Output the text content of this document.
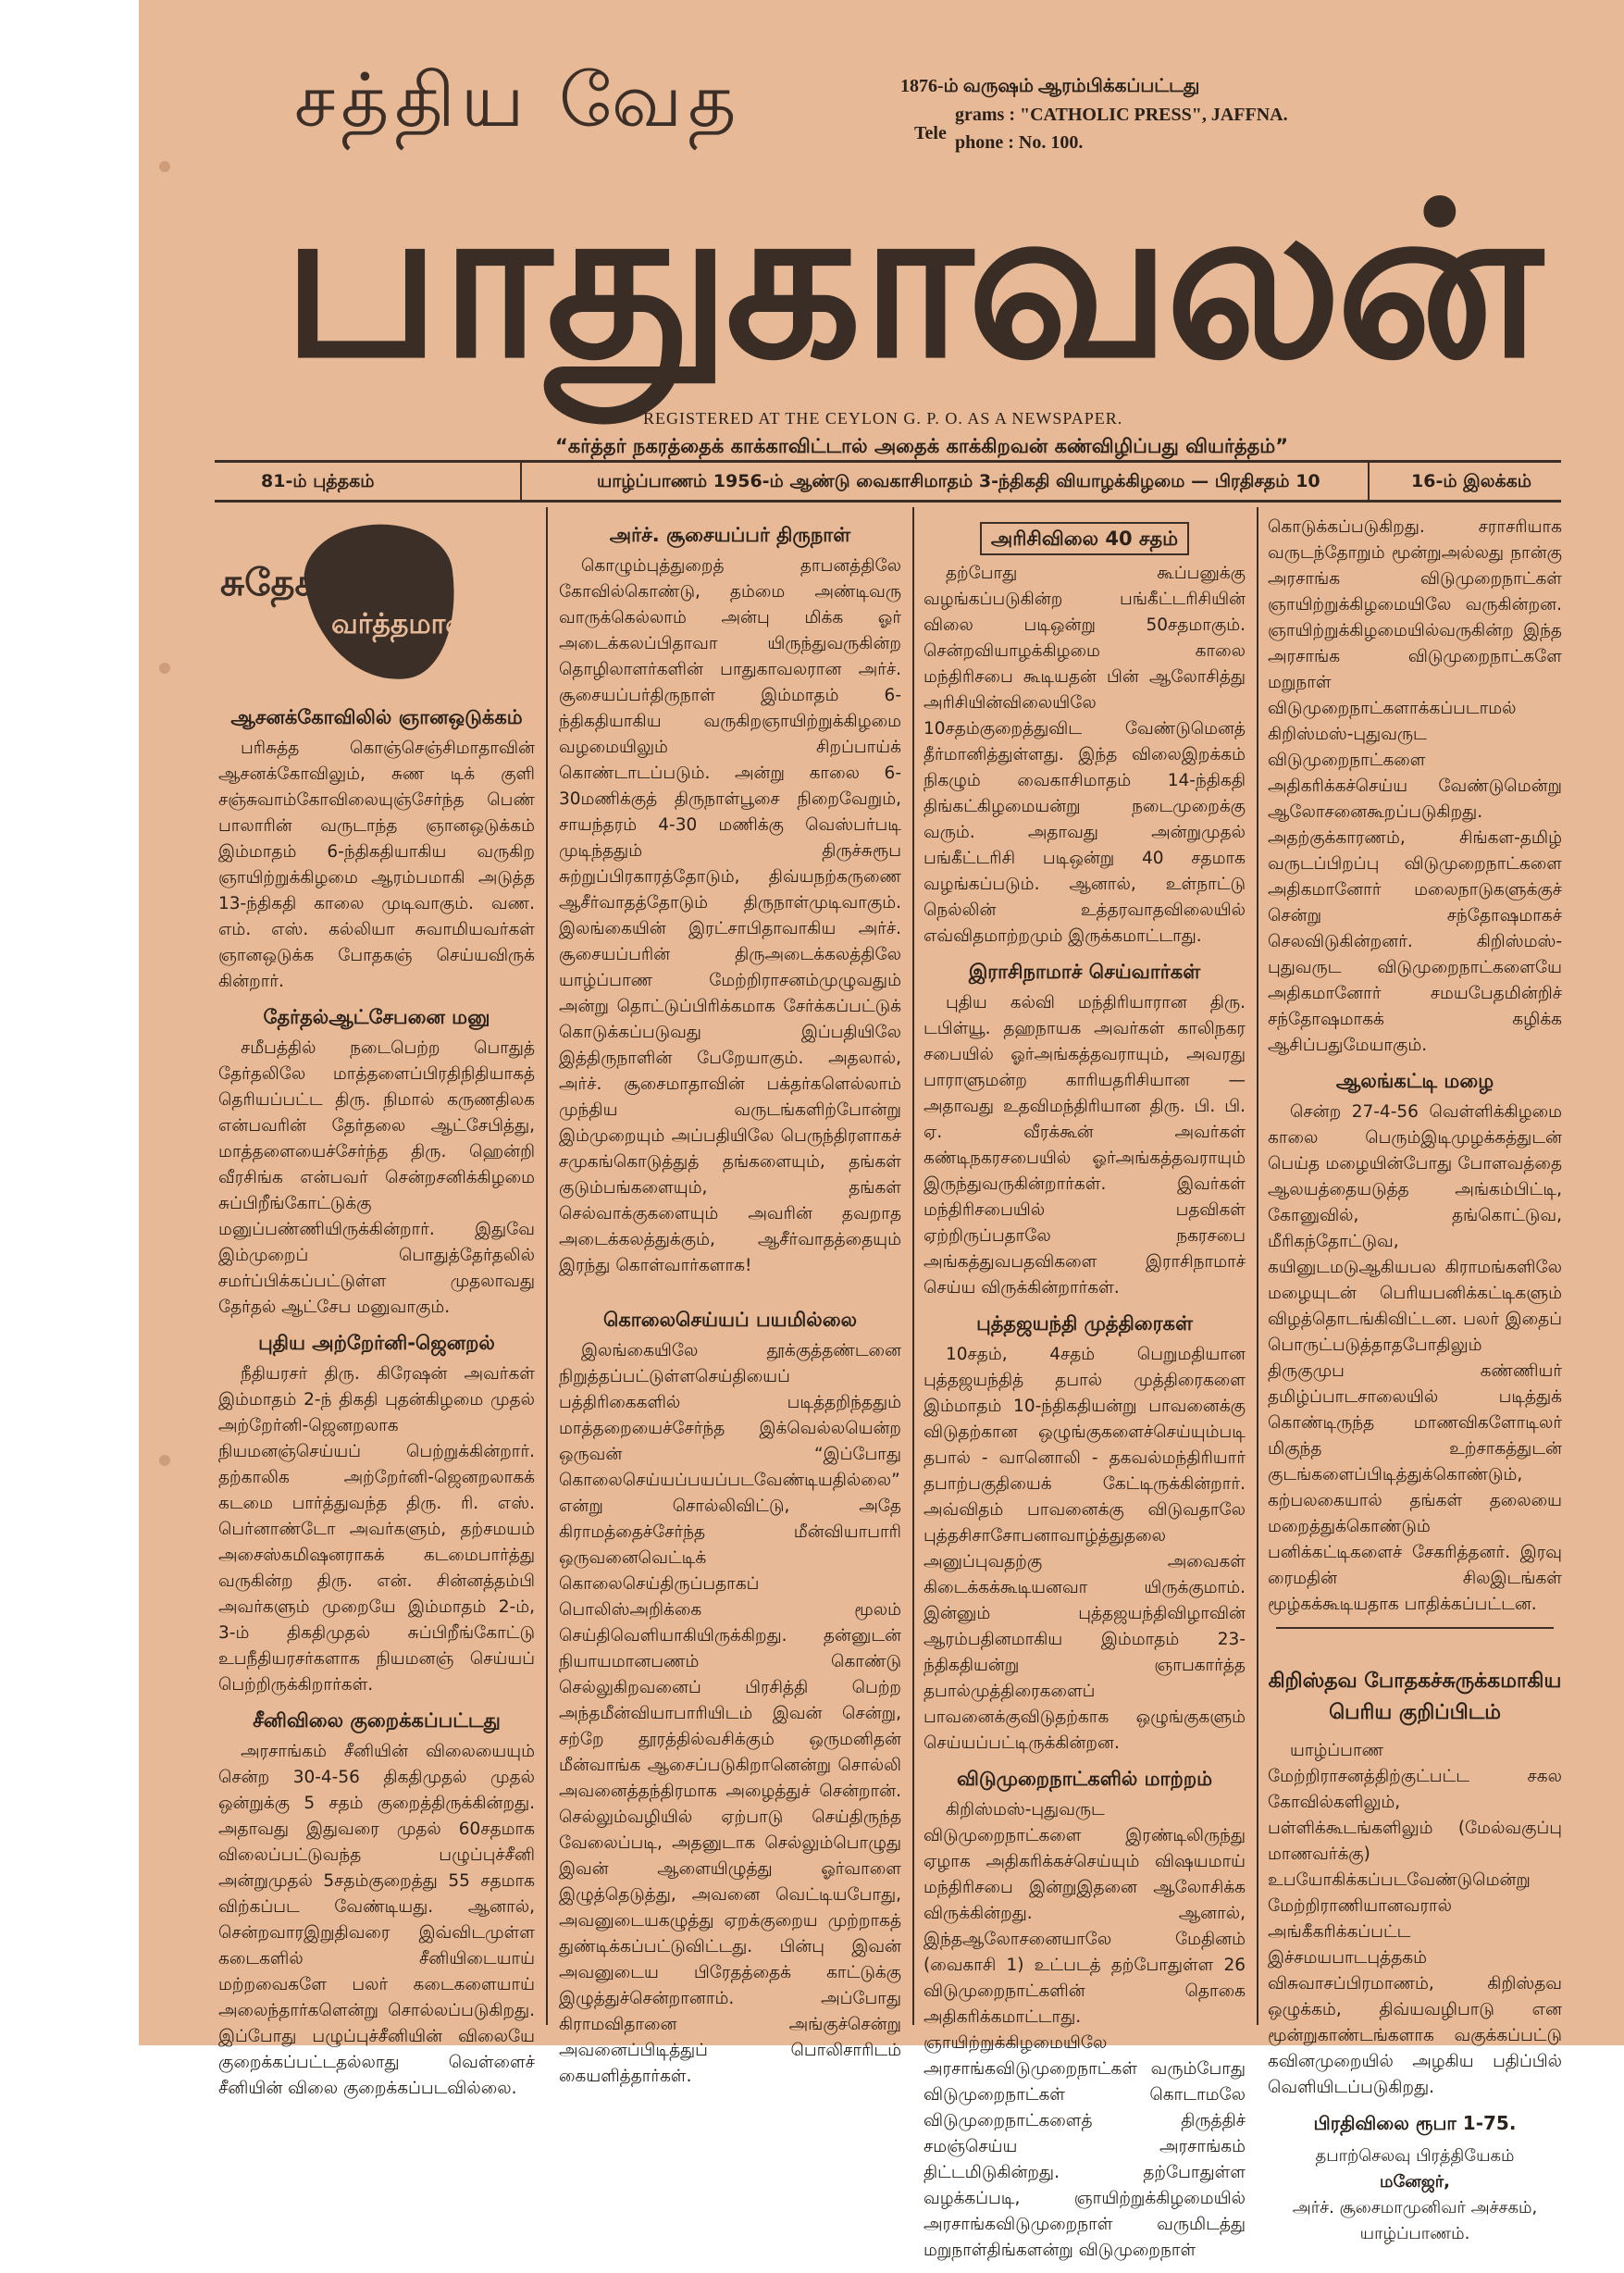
சத்திய வேத
பாதுகாவலன்
1876-ம் வருஷம் ஆரம்பிக்கப்பட்டது
Tele
grams : "CATHOLIC PRESS", JAFFNA.
phone : No. 100.
REGISTERED AT THE CEYLON G. P. O. AS A NEWSPAPER.
“கர்த்தர் நகரத்தைக் காக்காவிட்டால் அதைக் காக்கிறவன் கண்விழிப்பது வியர்த்தம்”
81-ம் புத்தகம்	யாழ்ப்பாணம் 1956-ம் ஆண்டு வைகாசிமாதம் 3-ந்திகதி வியாழக்கிழமை — பிரதிசதம் 10	16-ம் இலக்கம்
சுதேச
வர்த்தமானம்
ஆசனக்கோவிலில் ஞானஒடுக்கம்

பரிசுத்த கொஞ்செஞ்சிமாதாவின் ஆசனக்கோவிலும், சுண டிக் குளி சஞ்சுவாம்கோவிலையுஞ்சேர்ந்த பெண் பாலாரின் வருடாந்த ஞானஒடுக்கம் இம்மாதம் 6-ந்திகதியாகிய வருகிற ஞாயிற்றுக்கிழமை ஆரம்பமாகி அடுத்த 13-ந்திகதி காலை முடிவாகும். வண. எம். எஸ். கல்லியா சுவாமியவர்கள் ஞானஒடுக்க போதகஞ் செய்யவிருக் கின்றார்.

தேர்தல்ஆட்சேபனை மனு

சமீபத்தில் நடைபெற்ற பொதுத் தேர்தலிலே மாத்தளைப்பிரதிநிதியாகத் தெரியப்பட்ட திரு. நிமால் கருணதிலக என்பவரின் தேர்தலை ஆட்சேபித்து, மாத்தளையைச்சேர்ந்த திரு. ஹென்றி வீரசிங்க என்பவர் சென்றசனிக்கிழமை சுப்பிறீங்கோட்டுக்கு மனுப்பண்ணியிருக்கின்றார். இதுவே இம்முறைப் பொதுத்தேர்தலில் சமர்ப்பிக்கப்பட்டுள்ள முதலாவது தேர்தல் ஆட்சேப மனுவாகும்.

புதிய அற்றேர்னி-ஜெனறல்

நீதியரசர் திரு. கிரேஷன் அவர்கள் இம்மாதம் 2-ந் திகதி புதன்கிழமை முதல் அற்றேர்னி-ஜெனறலாக நியமனஞ்செய்யப் பெற்றுக்கின்றார். தற்காலிக அற்றேர்னி-ஜெனறலாகக் கடமை பார்த்துவந்த திரு. ரி. எஸ். பெர்னாண்டோ அவர்களும், தற்சமயம் அசைஸ்கமிஷனராகக் கடமைபார்த்து வருகின்ற திரு. என். சின்னத்தம்பி அவர்களும் முறையே இம்மாதம் 2-ம், 3-ம் திகதிமுதல் சுப்பிறீங்கோட்டு உபநீதியரசர்களாக நியமனஞ் செய்யப் பெற்றிருக்கிறார்கள்.

சீனிவிலை குறைக்கப்பட்டது

அரசாங்கம் சீனியின் விலையையும் சென்ற 30-4-56 திகதிமுதல் முதல் ஒன்றுக்கு 5 சதம் குறைத்திருக்கின்றது. அதாவது இதுவரை முதல் 60சதமாக விலைப்பட்டுவந்த பழுப்புச்சீனி அன்றுமுதல் 5சதம்குறைத்து 55 சதமாக விற்கப்பட வேண்டியது. ஆனால், சென்றவாரஇறுதிவரை இவ்விடமுள்ள கடைகளில் சீனியிடையாய் மற்றவைகளே பலர் கடைகளையாய் அலைந்தார்களென்று சொல்லப்படுகிறது. இப்போது பழுப்புச்சீனியின் விலையே குறைக்கப்பட்டதல்லாது வெள்ளைச் சீனியின் விலை குறைக்கப்படவில்லை.

அர்ச். சூசையப்பர் திருநாள்

கொழும்புத்துறைத் தாபனத்திலே கோவில்கொண்டு, தம்மை அண்டிவரு வாருக்கெல்லாம் அன்பு மிக்க ஓர் அடைக்கலப்பிதாவா யிருந்துவருகின்ற தொழிலாளர்களின் பாதுகாவலரான அர்ச். சூசையப்பர்திருநாள் இம்மாதம் 6-ந்திகதியாகிய வருகிறஞாயிற்றுக்கிழமை வழமையிலும் சிறப்பாய்க் கொண்டாடப்படும். அன்று காலை 6-30மணிக்குத் திருநாள்பூசை நிறைவேறும், சாயந்தரம் 4-30 மணிக்கு வெஸ்பர்படி முடிந்ததும் திருச்சுரூப சுற்றுப்பிரகாரத்தோடும், திவ்யநற்கருணை ஆசீர்வாதத்தோடும் திருநாள்முடிவாகும். இலங்கையின் இரட்சாபிதாவாகிய அர்ச். சூசையப்பரின் திருஅடைக்கலத்திலே யாழ்ப்பாண மேற்றிராசனம்முழுவதும் அன்று தொட்டுப்பிரிக்கமாக சேர்க்கப்பட்டுக் கொடுக்கப்படுவது இப்பதியிலே இத்திருநாளின் பேறேயாகும். அதலால், அர்ச். சூசைமாதாவின் பக்தர்களெல்லாம் முந்திய வருடங்களிற்போன்று இம்முறையும் அப்பதியிலே பெருந்திரளாகச் சமுகங்கொடுத்துத் தங்களையும், தங்கள் குடும்பங்களையும், தங்கள் செல்வாக்குகளையும் அவரின் தவறாத அடைக்கலத்துக்கும், ஆசீர்வாதத்தையும் இரந்து கொள்வார்களாக!

கொலைசெய்யப் பயமில்லை

இலங்கையிலே தூக்குத்தண்டனை நிறுத்தப்பட்டுள்ளசெய்தியைப் பத்திரிகைகளில் படித்தறிந்ததும் மாத்தறையைச்சேர்ந்த இக்வெல்லயென்ற ஒருவன் “இப்போது கொலைசெய்யப்பயப்படவேண்டியதில்லை” என்று சொல்லிவிட்டு, அதே கிராமத்தைச்சேர்ந்த மீன்வியாபாரி ஒருவனைவெட்டிக் கொலைசெய்திருப்பதாகப் பொலிஸ்அறிக்கை மூலம் செய்திவெளியாகியிருக்கிறது. தன்னுடன் நியாயமானபணம் கொண்டு செல்லுகிறவனைப் பிரசித்தி பெற்ற அந்தமீன்வியாபாரியிடம் இவன் சென்று, சற்றே தூரத்தில்வசிக்கும் ஒருமனிதன் மீன்வாங்க ஆசைப்படுகிறானென்று சொல்லி அவனைத்தந்திரமாக அழைத்துச் சென்றான். செல்லும்வழியில் ஏற்பாடு செய்திருந்த வேலைப்படி, அதனுடாக செல்லும்பொழுது இவன் ஆளையிழுத்து ஓர்வாளை இழுத்தெடுத்து, அவனை வெட்டியபோது, அவனுடையகழுத்து ஏறக்குறைய முற்றாகத் துண்டிக்கப்பட்டுவிட்டது. பின்பு இவன் அவனுடைய பிரேதத்தைக் காட்டுக்கு இழுத்துச்சென்றானாம். அப்போது கிராமவிதானை அங்குச்சென்று அவனைப்பிடித்துப் பொலிசாரிடம் கையளித்தார்கள்.

அரிசிவிலை 40 சதம்

தற்போது கூப்பனுக்கு வழங்கப்படுகின்ற பங்கீட்டரிசியின் விலை படிஒன்று 50சதமாகும். சென்றவியாழக்கிழமை காலை மந்திரிசபை கூடியதன் பின் ஆலோசித்து அரிசியின்விலையிலே 10சதம்குறைத்துவிட வேண்டுமெனத் தீர்மானித்துள்ளது. இந்த விலைஇறக்கம் நிகழும் வைகாசிமாதம் 14-ந்திகதி திங்கட்கிழமையன்று நடைமுறைக்கு வரும். அதாவது அன்றுமுதல் பங்கீட்டரிசி படிஒன்று 40 சதமாக வழங்கப்படும். ஆனால், உள்நாட்டு நெல்லின் உத்தரவாதவிலையில் எவ்விதமாற்றமும் இருக்கமாட்டாது.

இராசிநாமாச் செய்வார்கள்

புதிய கல்வி மந்திரியாரான திரு. டபிள்யூ. தஹநாயக அவர்கள் காலிநகர சபையில் ஓர்அங்கத்தவராயும், அவரது பாராளுமன்ற காரியதரிசியான — அதாவது உதவிமந்திரியான திரு. பி. பி. ஏ. வீரக்கூன் அவர்கள் கண்டிநகரசபையில் ஓர்அங்கத்தவராயும் இருந்துவருகின்றார்கள். இவர்கள் மந்திரிசபையில் பதவிகள் ஏற்றிருப்பதாலே நகரசபை அங்கத்துவபதவிகளை இராசிநாமாச் செய்ய விருக்கின்றார்கள்.

புத்தஜயந்தி முத்திரைகள்

10சதம், 4சதம் பெறுமதியான புத்தஜயந்தித் தபால் முத்திரைகளை இம்மாதம் 10-ந்திகதியன்று பாவனைக்கு விடுதற்கான ஒழுங்குகளைச்செய்யும்படி தபால் - வானொலி - தகவல்மந்திரியார் தபாற்பகுதியைக் கேட்டிருக்கின்றார். அவ்விதம் பாவனைக்கு விடுவதாலே புத்தசிசாசோபனாவாழ்த்துதலை அனுப்புவதற்கு அவைகள் கிடைக்கக்கூடியனவா யிருக்குமாம். இன்னும் புத்தஜயந்திவிழாவின் ஆரம்பதினமாகிய இம்மாதம் 23-ந்திகதியன்று ஞாபகார்த்த தபால்முத்திரைகளைப் பாவனைக்குவிடுதற்காக ஒழுங்குகளும் செய்யப்பட்டிருக்கின்றன.

விடுமுறைநாட்களில் மாற்றம்

கிறிஸ்மஸ்-புதுவருட விடுமுறைநாட்களை இரண்டிலிருந்து ஏழாக அதிகரிக்கச்செய்யும் விஷயமாய் மந்திரிசபை இன்றுஇதனை ஆலோசிக்க விருக்கின்றது. ஆனால், இந்தஆலோசனையாலே மேதினம் (வைகாசி 1) உட்படத் தற்போதுள்ள 26 விடுமுறைநாட்களின் தொகை அதிகரிக்கமாட்டாது. ஞாயிற்றுக்கிழமையிலே அரசாங்கவிடுமுறைநாட்கள் வரும்போது விடுமுறைநாட்கள் கொடாமலே விடுமுறைநாட்களைத் திருத்திச் சமஞ்செய்ய அரசாங்கம் திட்டமிடுகின்றது. தற்போதுள்ள வழக்கப்படி, ஞாயிற்றுக்கிழமையில் அரசாங்கவிடுமுறைநாள் வருமிடத்து மறுநாள்திங்களன்று விடுமுறைநாள்

கொடுக்கப்படுகிறது. சராசரியாக வருடந்தோறும் மூன்றுஅல்லது நான்கு அரசாங்க விடுமுறைநாட்கள் ஞாயிற்றுக்கிழமையிலே வருகின்றன. ஞாயிற்றுக்கிழமையில்வருகின்ற இந்த அரசாங்க விடுமுறைநாட்களே மறுநாள் விடுமுறைநாட்களாக்கப்படாமல் கிறிஸ்மஸ்-புதுவருட விடுமுறைநாட்களை அதிகரிக்கச்செய்ய வேண்டுமென்று ஆலோசனைகூறப்படுகிறது. அதற்குக்காரணம், சிங்கள-தமிழ் வருடப்பிறப்பு விடுமுறைநாட்களை அதிகமானோர் மலைநாடுகளுக்குச் சென்று சந்தோஷமாகச் செலவிடுகின்றனர். கிறிஸ்மஸ்-புதுவருட விடுமுறைநாட்களையே அதிகமானோர் சமயபேதமின்றிச் சந்தோஷமாகக் கழிக்க ஆசிப்பதுமேயாகும்.

ஆலங்கட்டி மழை

சென்ற 27-4-56 வெள்ளிக்கிழமை காலை பெரும்இடிமுழக்கத்துடன் பெய்த மழையின்போது போளவத்தை ஆலயத்தையடுத்த அங்கம்பிட்டி, கோனுவில், தங்கொட்டுவ, மீரிகந்தோட்டுவ, கயினுடமடுஆகியபல கிராமங்களிலே மழையுடன் பெரியபனிக்கட்டிகளும் விழத்தொடங்கிவிட்டன. பலர் இதைப் பொருட்படுத்தாதபோதிலும் திருகுமுப கண்ணியர் தமிழ்ப்பாடசாலையில் படித்துக் கொண்டிருந்த மாணவிகளோடிலர் மிகுந்த உற்சாகத்துடன் குடங்களைப்பிடித்துக்கொண்டும், கற்பலகையால் தங்கள் தலையை மறைத்துக்கொண்டும் பனிக்கட்டிகளைச் சேகரித்தனர். இரவு ரைமதின் சிலஇடங்கள் மூழ்கக்கூடியதாக பாதிக்கப்பட்டன.

கிறிஸ்தவ போதகச்சுருக்கமாகிய பெரிய குறிப்பிடம்

யாழ்ப்பாண மேற்றிராசனத்திற்குட்பட்ட சகல கோவில்களிலும், பள்ளிக்கூடங்களிலும் (மேல்வகுப்பு மாணவர்க்கு) உபயோகிக்கப்படவேண்டுமென்று மேற்றிராணியானவரால் அங்கீகரிக்கப்பட்ட இச்சமயபாடபுத்தகம் விசுவாசப்பிரமாணம், கிறிஸ்தவ ஒழுக்கம், திவ்யவழிபாடு என மூன்றுகாண்டங்களாக வகுக்கப்பட்டு கவினமுறையில் அழகிய பதிப்பில் வெளியிடப்படுகிறது.

பிரதிவிலை ரூபா 1-75.
தபாற்செலவு பிரத்தியேகம்
மனேஜர்,
அர்ச். சூசைமாமுனிவர் அச்சகம்,
யாழ்ப்பாணம்.
